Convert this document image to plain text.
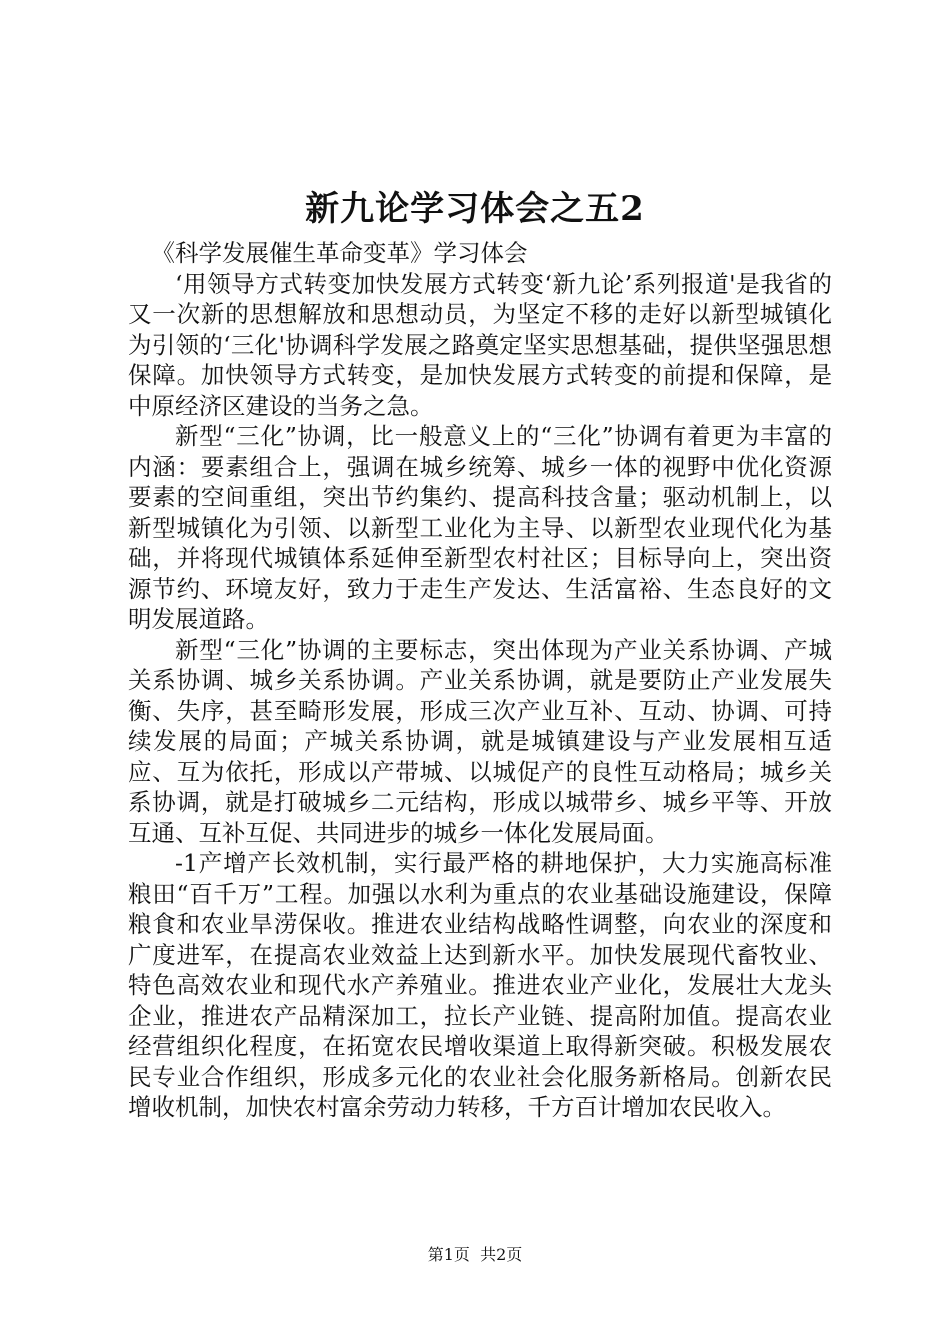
新九论学习体会之五2

《科学发展催生革命变革》学习体会

‘用领导方式转变加快发展方式转变‘新九论’系列报道'是我省的又一次新的思想解放和思想动员，为坚定不移的走好以新型城镇化为引领的‘三化'协调科学发展之路奠定坚实思想基础，提供坚强思想保障。加快领导方式转变，是加快发展方式转变的前提和保障，是中原经济区建设的当务之急。

新型“三化”协调，比一般意义上的“三化”协调有着更为丰富的内涵：要素组合上，强调在城乡统筹、城乡一体的视野中优化资源要素的空间重组，突出节约集约、提高科技含量；驱动机制上，以新型城镇化为引领、以新型工业化为主导、以新型农业现代化为基础，并将现代城镇体系延伸至新型农村社区；目标导向上，突出资源节约、环境友好，致力于走生产发达、生活富裕、生态良好的文明发展道路。

新型“三化”协调的主要标志，突出体现为产业关系协调、产城关系协调、城乡关系协调。产业关系协调，就是要防止产业发展失衡、失序，甚至畸形发展，形成三次产业互补、互动、协调、可持续发展的局面；产城关系协调，就是城镇建设与产业发展相互适应、互为依托，形成以产带城、以城促产的良性互动格局；城乡关系协调，就是打破城乡二元结构，形成以城带乡、城乡平等、开放互通、互补互促、共同进步的城乡一体化发展局面。

-1产增产长效机制，实行最严格的耕地保护，大力实施高标准粮田“百千万”工程。加强以水利为重点的农业基础设施建设，保障粮食和农业旱涝保收。推进农业结构战略性调整，向农业的深度和广度进军，在提高农业效益上达到新水平。加快发展现代畜牧业、特色高效农业和现代水产养殖业。推进农业产业化，发展壮大龙头企业，推进农产品精深加工，拉长产业链、提高附加值。提高农业经营组织化程度，在拓宽农民增收渠道上取得新突破。积极发展农民专业合作组织，形成多元化的农业社会化服务新格局。创新农民增收机制，加快农村富余劳动力转移，千方百计增加农民收入。

第1页  共2页
